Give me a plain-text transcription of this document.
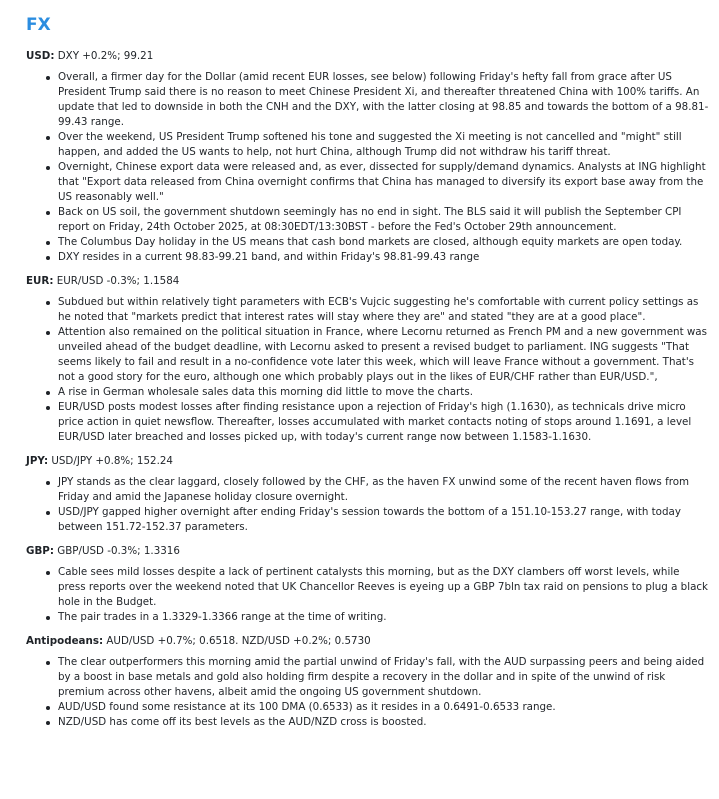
FX
USD: DXY +0.2%; 99.21
Overall, a firmer day for the Dollar (amid recent EUR losses, see below) following Friday's hefty fall from grace after US President Trump said there is no reason to meet Chinese President Xi, and thereafter threatened China with 100% tariffs. An update that led to downside in both the CNH and the DXY, with the latter closing at 98.85 and towards the bottom of a 98.81-99.43 range.
Over the weekend, US President Trump softened his tone and suggested the Xi meeting is not cancelled and "might" still happen, and added the US wants to help, not hurt China, although Trump did not withdraw his tariff threat.
Overnight, Chinese export data were released and, as ever, dissected for supply/demand dynamics. Analysts at ING highlight that "Export data released from China overnight confirms that China has managed to diversify its export base away from the US reasonably well."
Back on US soil, the government shutdown seemingly has no end in sight. The BLS said it will publish the September CPI report on Friday, 24th October 2025, at 08:30EDT/13:30BST - before the Fed's October 29th announcement.
The Columbus Day holiday in the US means that cash bond markets are closed, although equity markets are open today.
DXY resides in a current 98.83-99.21 band, and within Friday's 98.81-99.43 range
EUR: EUR/USD -0.3%; 1.1584
Subdued but within relatively tight parameters with ECB's Vujcic suggesting he's comfortable with current policy settings as he noted that "markets predict that interest rates will stay where they are" and stated "they are at a good place".
Attention also remained on the political situation in France, where Lecornu returned as French PM and a new government was unveiled ahead of the budget deadline, with Lecornu asked to present a revised budget to parliament. ING suggests "That seems likely to fail and result in a no-confidence vote later this week, which will leave France without a government. That's not a good story for the euro, although one which probably plays out in the likes of EUR/CHF rather than EUR/USD.",
A rise in German wholesale sales data this morning did little to move the charts.
EUR/USD posts modest losses after finding resistance upon a rejection of Friday's high (1.1630), as technicals drive micro price action in quiet newsflow. Thereafter, losses accumulated with market contacts noting of stops around 1.1691, a level EUR/USD later breached and losses picked up, with today's current range now between 1.1583-1.1630.
JPY: USD/JPY +0.8%; 152.24
JPY stands as the clear laggard, closely followed by the CHF, as the haven FX unwind some of the recent haven flows from Friday and amid the Japanese holiday closure overnight.
USD/JPY gapped higher overnight after ending Friday's session towards the bottom of a 151.10-153.27 range, with today between 151.72-152.37 parameters.
GBP: GBP/USD -0.3%; 1.3316
Cable sees mild losses despite a lack of pertinent catalysts this morning, but as the DXY clambers off worst levels, while press reports over the weekend noted that UK Chancellor Reeves is eyeing up a GBP 7bln tax raid on pensions to plug a black hole in the Budget.
The pair trades in a 1.3329-1.3366 range at the time of writing.
Antipodeans: AUD/USD +0.7%; 0.6518. NZD/USD +0.2%; 0.5730
The clear outperformers this morning amid the partial unwind of Friday's fall, with the AUD surpassing peers and being aided by a boost in base metals and gold also holding firm despite a recovery in the dollar and in spite of the unwind of risk premium across other havens, albeit amid the ongoing US government shutdown.
AUD/USD found some resistance at its 100 DMA (0.6533) as it resides in a 0.6491-0.6533 range.
NZD/USD has come off its best levels as the AUD/NZD cross is boosted.
